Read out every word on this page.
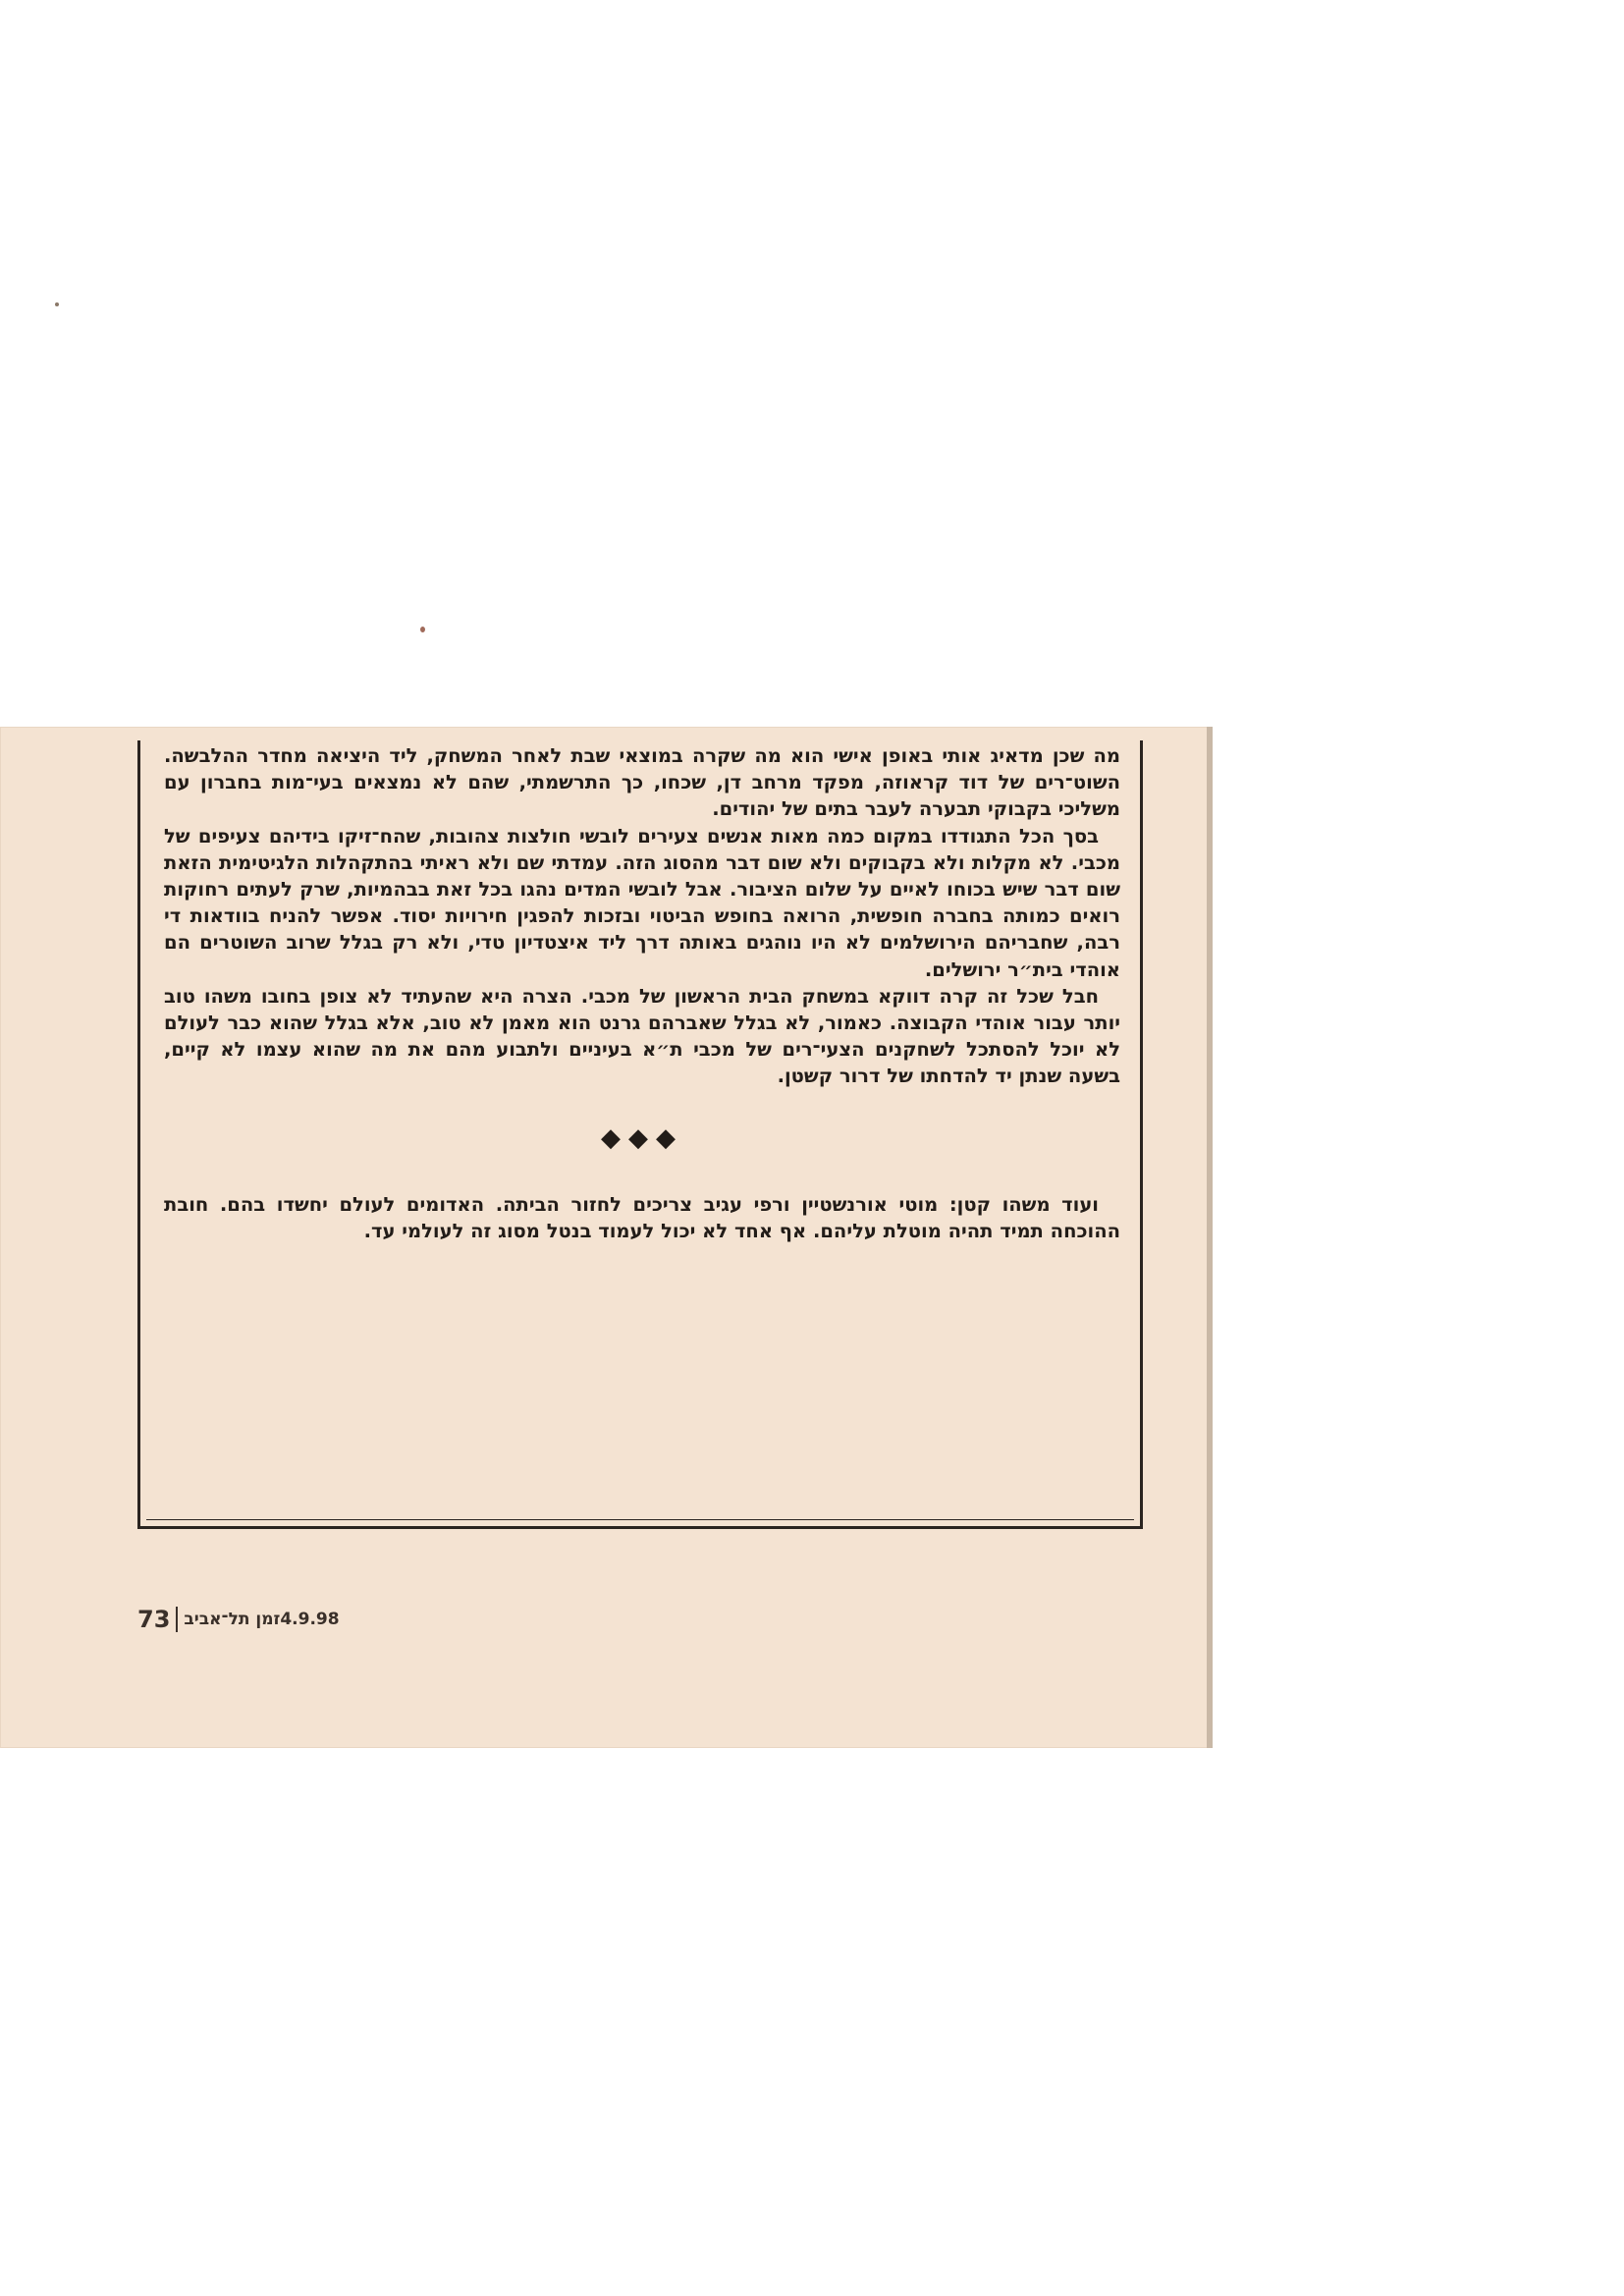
מה שכן מדאיג אותי באופן אישי הוא מה שקרה במוצאי שבת לאחר המשחק, ליד היציאה מחדר ההלבשה. השוט־רים של דוד קראוזה, מפקד מרחב דן, שכחו, כך התרשמתי, שהם לא נמצאים בעי־מות בחברון עם משליכי בקבוקי תבערה לעבר בתים של יהודים.

בסך הכל התגודדו במקום כמה מאות אנשים צעירים לובשי חולצות צהובות, שהח־זיקו בידיהם צעיפים של מכבי. לא מקלות ולא בקבוקים ולא שום דבר מהסוג הזה. עמדתי שם ולא ראיתי בהתקהלות הלגיטימית הזאת שום דבר שיש בכוחו לאיים על שלום הציבור. אבל לובשי המדים נהגו בכל זאת בבהמיות, שרק לעתים רחוקות רואים כמותה בחברה חופשית, הרואה בחופש הביטוי ובזכות להפגין חירויות יסוד. אפשר להניח בוודאות די רבה, שחבריהם הירושלמים לא היו נוהגים באותה דרך ליד איצטדיון טדי, ולא רק בגלל שרוב השוטרים הם אוהדי בית״ר ירושלים.

חבל שכל זה קרה דווקא במשחק הבית הראשון של מכבי. הצרה היא שהעתיד לא צופן בחובו משהו טוב יותר עבור אוהדי הקבוצה. כאמור, לא בגלל שאברהם גרנט הוא מאמן לא טוב, אלא בגלל שהוא כבר לעולם לא יוכל להסתכל לשחקנים הצעי־רים של מכבי ת״א בעיניים ולתבוע מהם את מה שהוא עצמו לא קיים, בשעה שנתן יד להדחתו של דרור קשטן.

◆◆◆

ועוד משהו קטן: מוטי אורנשטיין ורפי עגיב צריכים לחזור הביתה. האדומים לעולם יחשדו בהם. חובת ההוכחה תמיד תהיה מוטלת עליהם. אף אחד לא יכול לעמוד בנטל מסוג זה לעולמי עד.

73 זמן תל־אביב 4.9.98
